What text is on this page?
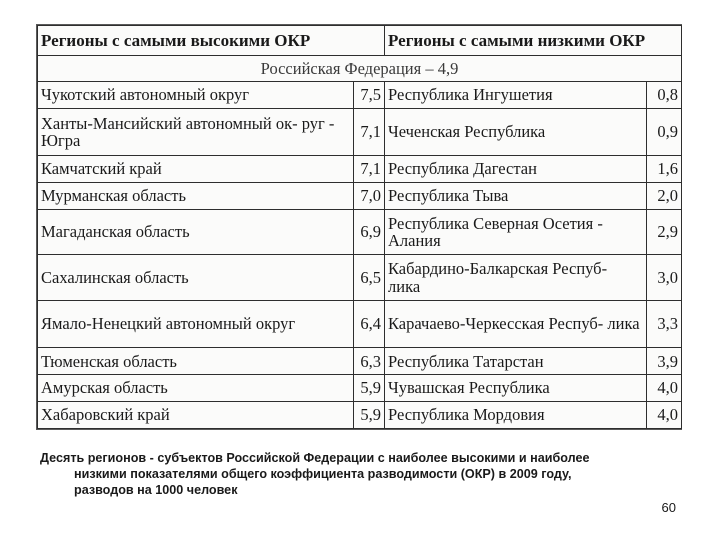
Регионы с самыми высокими ОКР		Регионы с самыми низкими ОКР	
Российская Федерация – 4,9			
Чукотский автономный округ	7,5	Республика Ингушетия	0,8
Ханты-Мансийский автономный ок- руг - Югра	7,1	Чеченская Республика	0,9
Камчатский край	7,1	Республика Дагестан	1,6
Мурманская область	7,0	Республика Тыва	2,0
Магаданская область	6,9	Республика Северная Осетия - Алания	2,9
Сахалинская область	6,5	Кабардино-Балкарская Респуб- лика	3,0
Ямало-Ненецкий автономный округ	6,4	Карачаево-Черкесская Респуб- лика	3,3
Тюменская область	6,3	Республика Татарстан	3,9
Амурская область	5,9	Чувашская Республика	4,0
Хабаровский край	5,9	Республика Мордовия	4,0
Десять регионов - субъектов Российской Федерации с наиболее высокими и наиболее
низкими показателями общего коэффициента разводимости (ОКР) в 2009 году,
разводов на 1000 человек
60
